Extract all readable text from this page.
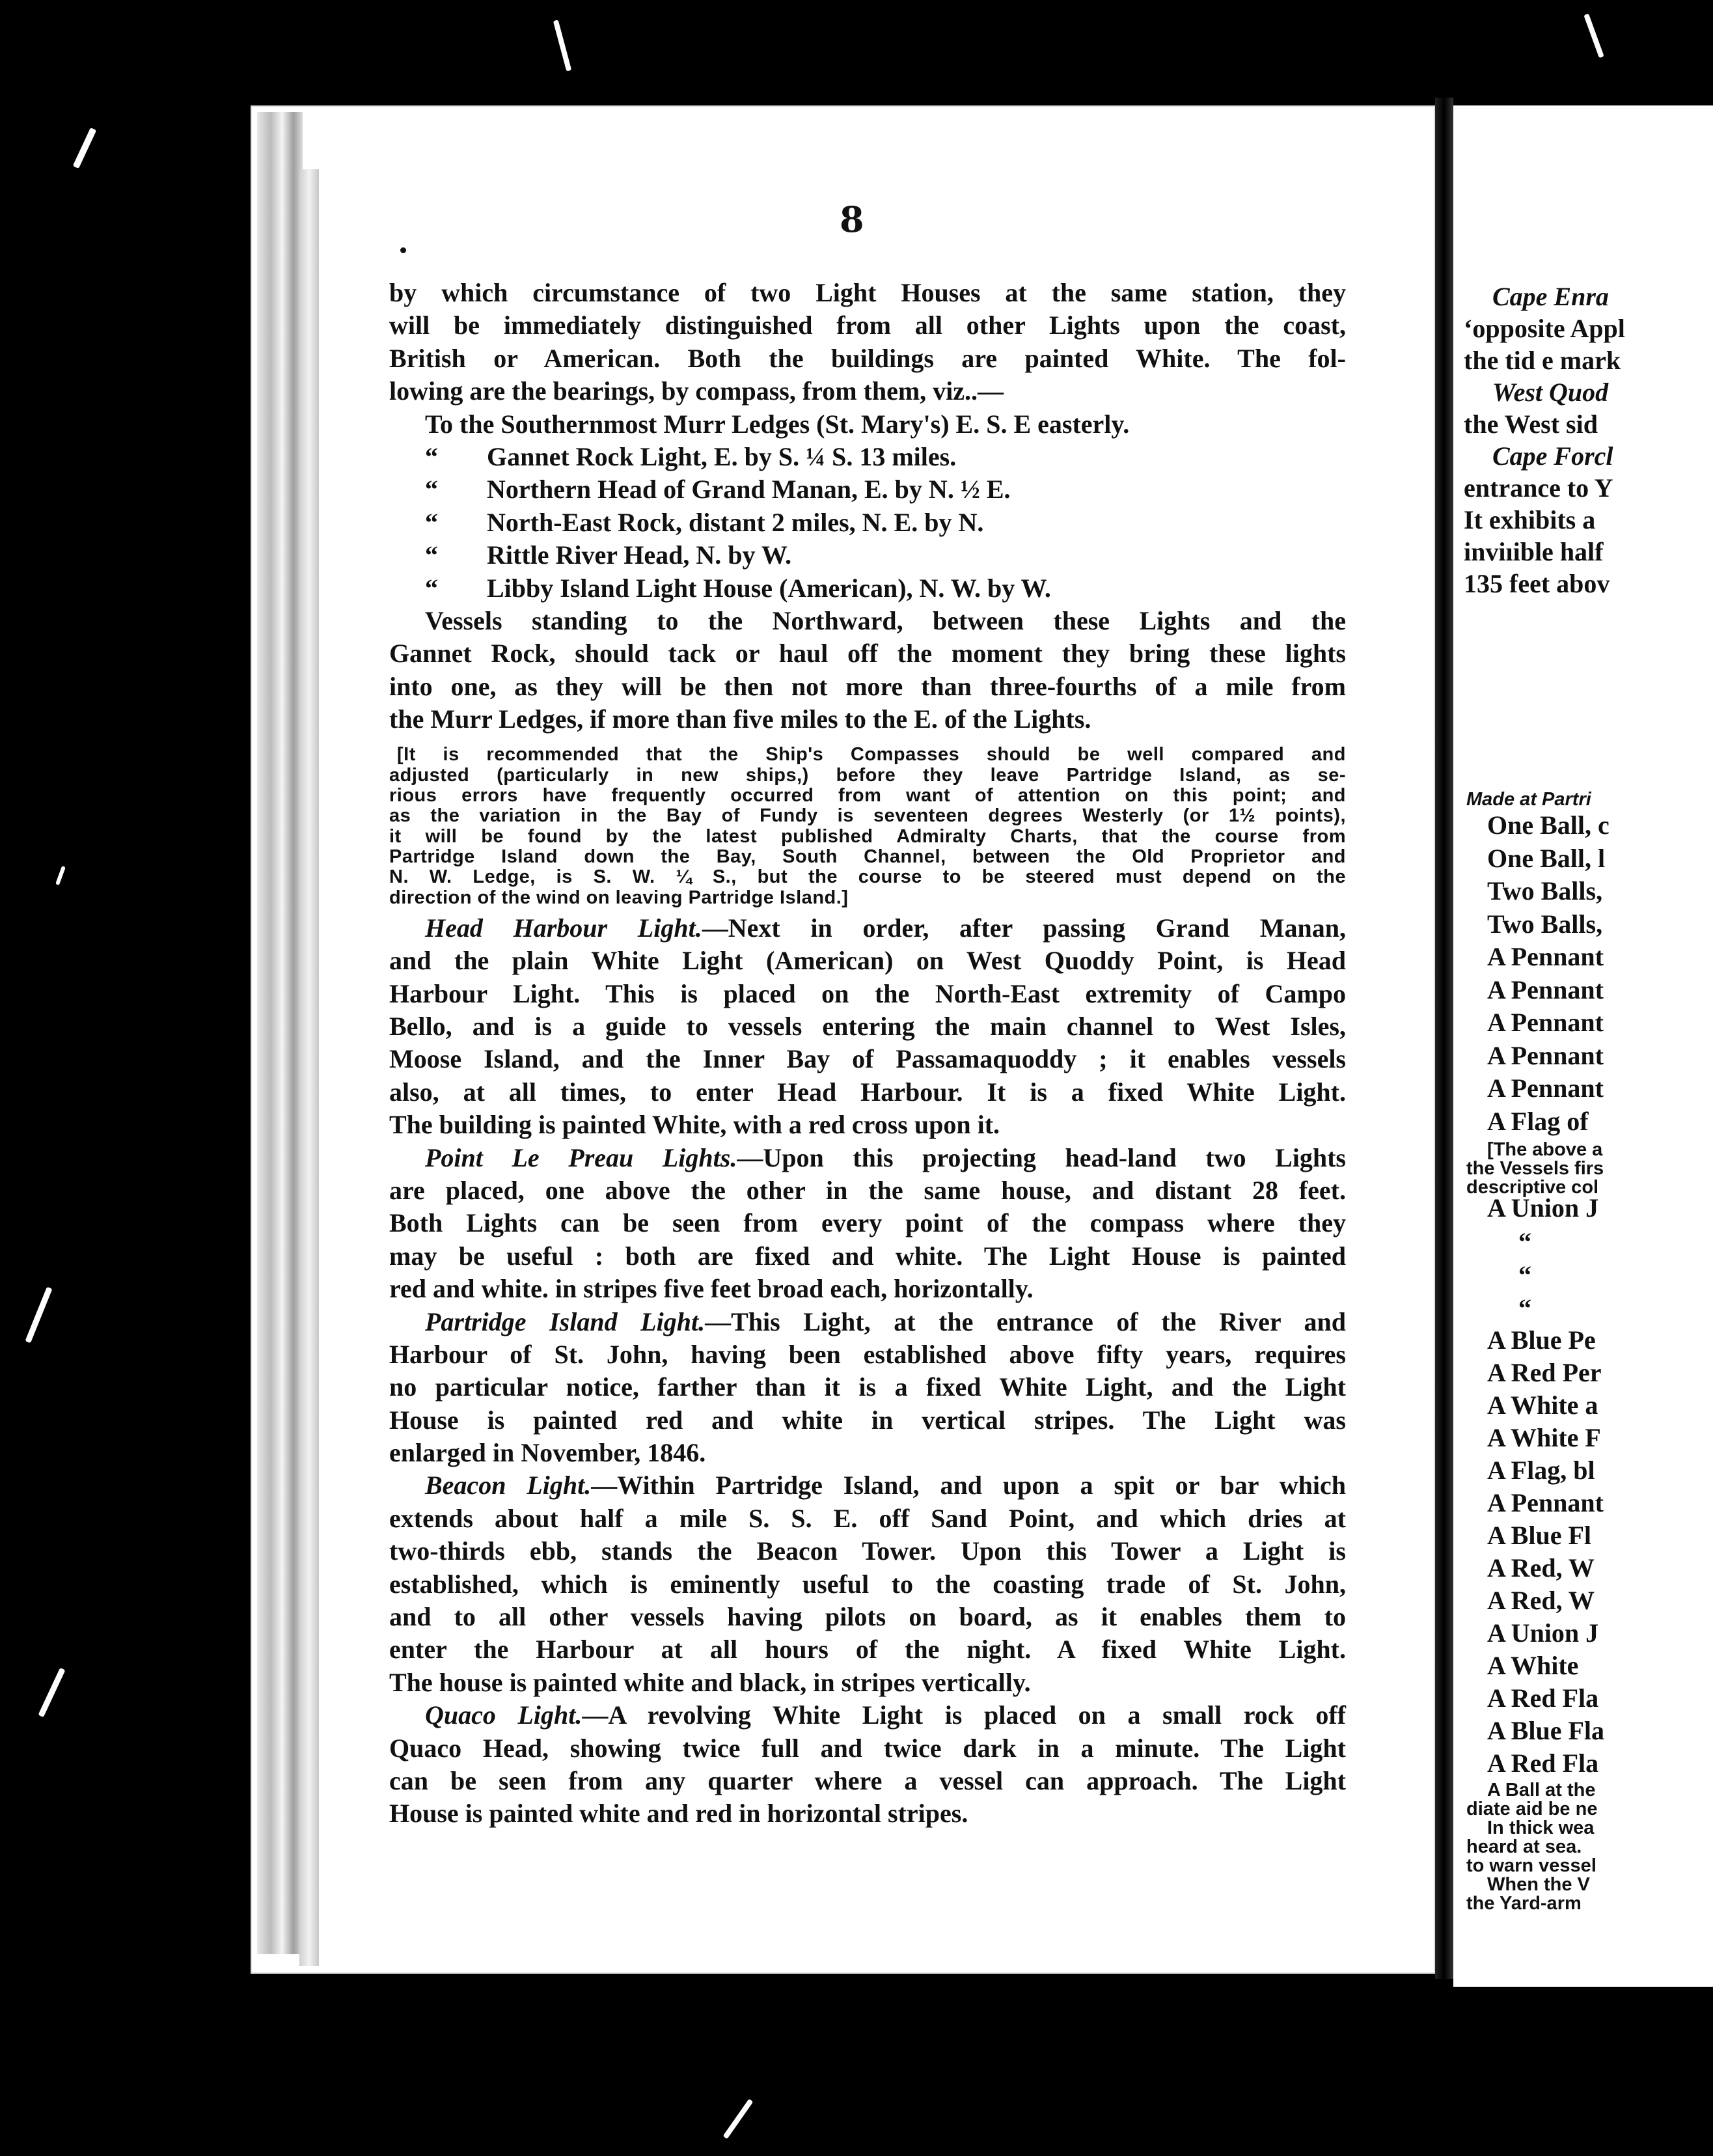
8
by which circumstance of two Light Houses at the same station, they
will be immediately distinguished from all other Lights upon the coast,
British or American. Both the buildings are painted White. The fol-
lowing are the bearings, by compass, from them, viz..—
To the Southernmost Murr Ledges (St. Mary's) E. S. E easterly.
“ Gannet Rock Light, E. by S. ¼ S. 13 miles.
“ Northern Head of Grand Manan, E. by N. ½ E.
“ North-East Rock, distant 2 miles, N. E. by N.
“ Rittle River Head, N. by W.
“ Libby Island Light House (American), N. W. by W.
Vessels standing to the Northward, between these Lights and the
Gannet Rock, should tack or haul off the moment they bring these lights
into one, as they will be then not more than three-fourths of a mile from
the Murr Ledges, if more than five miles to the E. of the Lights.
[It is recommended that the Ship's Compasses should be well compared and
adjusted (particularly in new ships,) before they leave Partridge Island, as se-
rious errors have frequently occurred from want of attention on this point; and
as the variation in the Bay of Fundy is seventeen degrees Westerly (or 1½ points),
it will be found by the latest published Admiralty Charts, that the course from
Partridge Island down the Bay, South Channel, between the Old Proprietor and
N. W. Ledge, is S. W. ¼ S., but the course to be steered must depend on the
direction of the wind on leaving Partridge Island.]
Head Harbour Light.—Next in order, after passing Grand Manan,
and the plain White Light (American) on West Quoddy Point, is Head
Harbour Light. This is placed on the North-East extremity of Campo
Bello, and is a guide to vessels entering the main channel to West Isles,
Moose Island, and the Inner Bay of Passamaquoddy ; it enables vessels
also, at all times, to enter Head Harbour. It is a fixed White Light.
The building is painted White, with a red cross upon it.
Point Le Preau Lights.—Upon this projecting head-land two Lights
are placed, one above the other in the same house, and distant 28 feet.
Both Lights can be seen from every point of the compass where they
may be useful : both are fixed and white. The Light House is painted
red and white. in stripes five feet broad each, horizontally.
Partridge Island Light.—This Light, at the entrance of the River and
Harbour of St. John, having been established above fifty years, requires
no particular notice, farther than it is a fixed White Light, and the Light
House is painted red and white in vertical stripes. The Light was
enlarged in November, 1846.
Beacon Light.—Within Partridge Island, and upon a spit or bar which
extends about half a mile S. S. E. off Sand Point, and which dries at
two-thirds ebb, stands the Beacon Tower. Upon this Tower a Light is
established, which is eminently useful to the coasting trade of St. John,
and to all other vessels having pilots on board, as it enables them to
enter the Harbour at all hours of the night. A fixed White Light.
The house is painted white and black, in stripes vertically.
Quaco Light.—A revolving White Light is placed on a small rock off
Quaco Head, showing twice full and twice dark in a minute. The Light
can be seen from any quarter where a vessel can approach. The Light
House is painted white and red in horizontal stripes.
Cape Enra
‘opposite Appl
the tid e mark
West Quod
the West sid
Cape Forcl
entrance to Y
It exhibits a
inviıible half
135 feet abov
Made at Partri
One Ball, c
One Ball, l
Two Balls,
Two Balls,
A Pennant
A Pennant
A Pennant
A Pennant
A Pennant
A Flag of
[The above a
the Vessels firs
descriptive col
A Union J
“
“
“
A Blue Pe
A Red Per
A White a
A White F
A Flag, bl
A Pennant
A Blue Fl
A Red, W
A Red, W
A Union J
A White
A Red Fla
A Blue Fla
A Red Fla
A Ball at the
diate aid be ne
In thick wea
heard at sea.
to warn vessel
When the V
the Yard-arm
